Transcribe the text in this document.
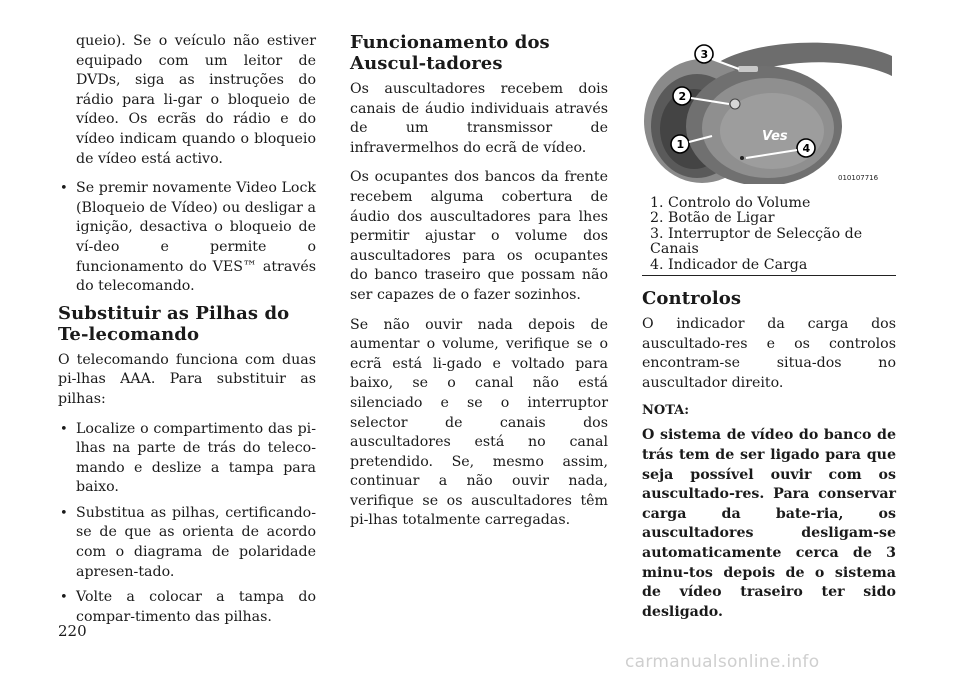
queio). Se o veículo não estiver equipado com um leitor de DVDs, siga as instruções do rádio para li-gar o bloqueio de vídeo. Os ecrãs do rádio e do vídeo indicam quando o bloqueio de vídeo está activo.

• Se premir novamente Video Lock (Bloqueio de Vídeo) ou desligar a ignição, desactiva o bloqueio de ví-deo e permite o funcionamento do VES™ através do telecomando.
Substituir as Pilhas do Te-lecomando

O telecomando funciona com duas pi-lhas AAA. Para substituir as pilhas:

• Localize o compartimento das pi-lhas na parte de trás do teleco-mando e deslize a tampa para baixo.
• Substitua as pilhas, certificando-se de que as orienta de acordo com o diagrama de polaridade apresen-tado.
• Volte a colocar a tampa do compar-timento das pilhas.
Funcionamento dos Auscul-tadores

Os auscultadores recebem dois canais de áudio individuais através de um transmissor de infravermelhos do ecrã de vídeo.

Os ocupantes dos bancos da frente recebem alguma cobertura de áudio dos auscultadores para lhes permitir ajustar o volume dos auscultadores para os ocupantes do banco traseiro que possam não ser capazes de o fazer sozinhos.

Se não ouvir nada depois de aumentar o volume, verifique se o ecrã está li-gado e voltado para baixo, se o canal não está silenciado e se o interruptor selector de canais dos auscultadores está no canal pretendido. Se, mesmo assim, continuar a não ouvir nada, verifique se os auscultadores têm pi-lhas totalmente carregadas.

3
2
1	4
Ves
010107716
1. Controlo do Volume
2. Botão de Ligar
3. Interruptor de Selecção de Canais
4. Indicador de Carga
Controlos

O indicador da carga dos auscultado-res e os controlos encontram-se situa-dos no auscultador direito.

NOTA:

O sistema de vídeo do banco de trás tem de ser ligado para que seja possível ouvir com os auscultado-res. Para conservar carga da bate-ria, os auscultadores desligam-se automaticamente cerca de 3 minu-tos depois de o sistema de vídeo traseiro ter sido desligado.

220
carmanualsonline.info
